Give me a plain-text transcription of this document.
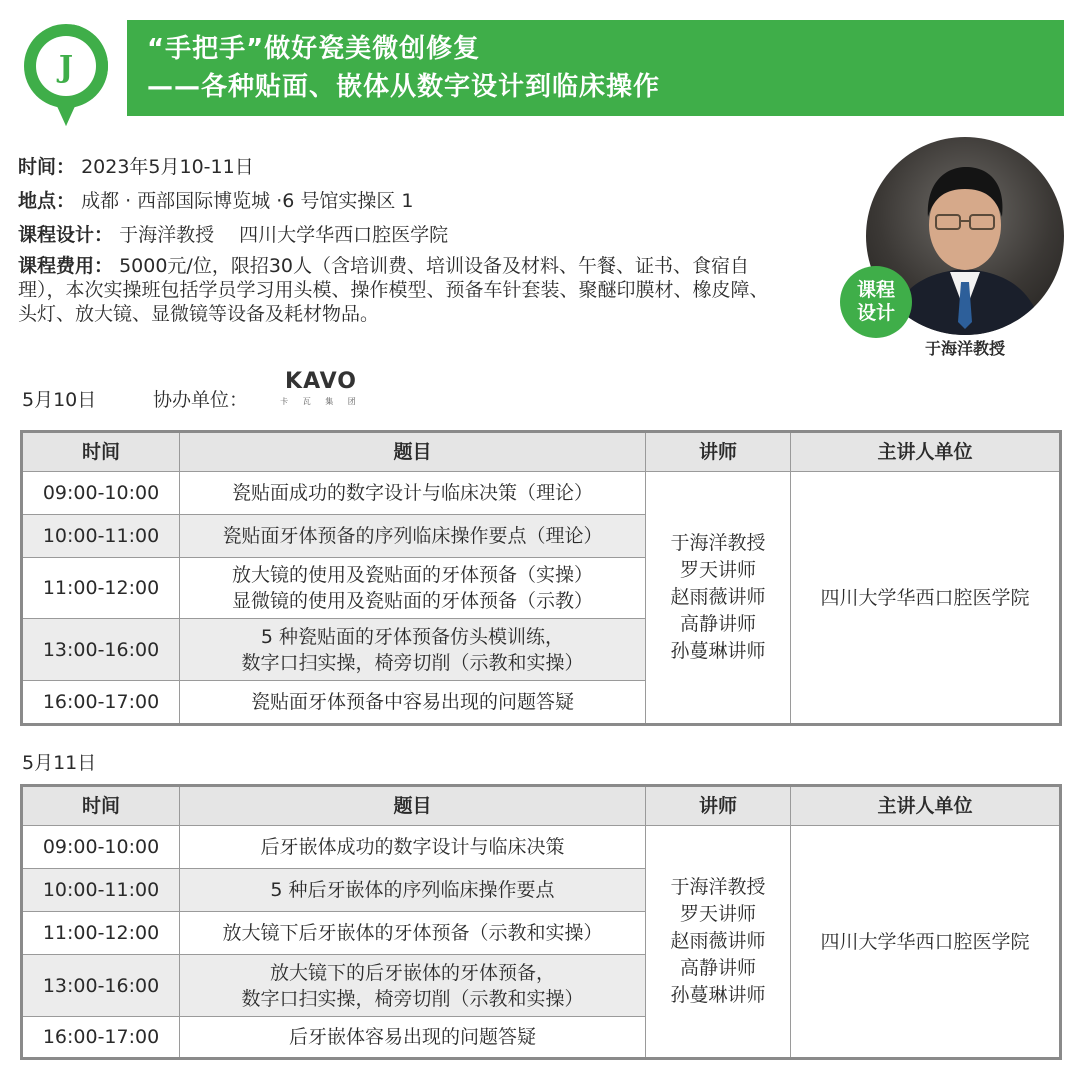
J
“手把手”做好瓷美微创修复
——各种贴面、嵌体从数字设计到临床操作
时间： 2023年5月10-11日
地点： 成都 · 西部国际博览城 ·6 号馆实操区 1
课程设计： 于海洋教授　 四川大学华西口腔医学院
课程费用： 5000元/位，限招30人（含培训费、培训设备及材料、午餐、证书、食宿自理），本次实操班包括学员学习用头模、操作模型、预备车针套装、聚醚印膜材、橡皮障、头灯、放大镜、显微镜等设备及耗材物品。
课程
设计
于海洋教授
5月10日	协办单位：
KAVO
卡 瓦 集 团
时间	题目	讲师	主讲人单位
09:00-10:00	瓷贴面成功的数字设计与临床决策（理论）	于海洋教授
罗天讲师
赵雨薇讲师
高静讲师
孙蔓琳讲师	四川大学华西口腔医学院
10:00-11:00	瓷贴面牙体预备的序列临床操作要点（理论）		

11:00-12:00	放大镜的使用及瓷贴面的牙体预备（实操）
显微镜的使用及瓷贴面的牙体预备（示教）		

13:00-16:00	5 种瓷贴面的牙体预备仿头模训练，
数字口扫实操，椅旁切削（示教和实操）		

16:00-17:00	瓷贴面牙体预备中容易出现的问题答疑		
5月11日
时间	题目	讲师	主讲人单位
09:00-10:00	后牙嵌体成功的数字设计与临床决策	于海洋教授
罗天讲师
赵雨薇讲师
高静讲师
孙蔓琳讲师	四川大学华西口腔医学院
10:00-11:00	5 种后牙嵌体的序列临床操作要点		

11:00-12:00	放大镜下后牙嵌体的牙体预备（示教和实操）		

13:00-16:00	放大镜下的后牙嵌体的牙体预备，
数字口扫实操，椅旁切削（示教和实操）		

16:00-17:00	后牙嵌体容易出现的问题答疑		
